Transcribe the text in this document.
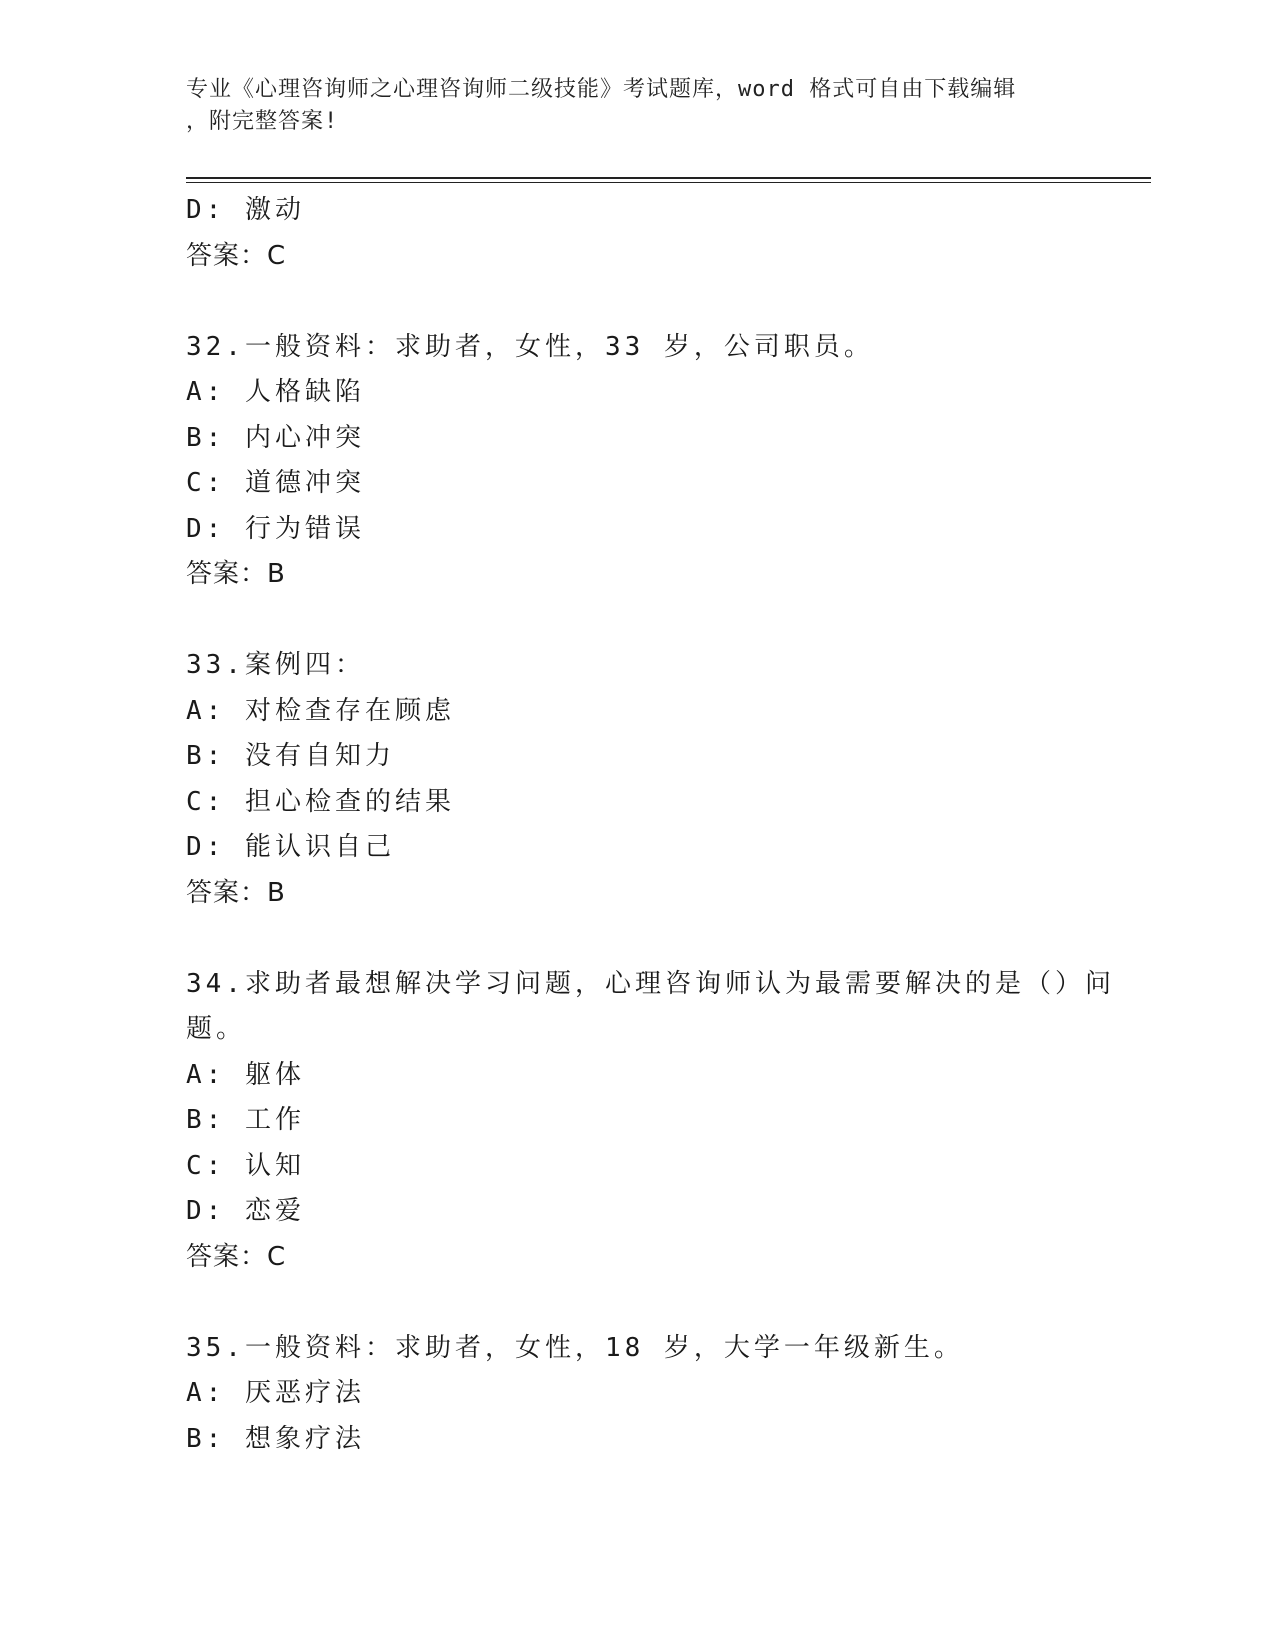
专业《心理咨询师之心理咨询师二级技能》考试题库，word 格式可自由下载编辑
，附完整答案!
D: 激动
答案：C
32.一般资料：求助者，女性，33 岁，公司职员。
A: 人格缺陷
B: 内心冲突
C: 道德冲突
D: 行为错误
答案：B
33.案例四：
A: 对检查存在顾虑
B: 没有自知力
C: 担心检查的结果
D: 能认识自己
答案：B
34.求助者最想解决学习问题，心理咨询师认为最需要解决的是（）问
题。
A: 躯体
B: 工作
C: 认知
D: 恋爱
答案：C
35.一般资料：求助者，女性，18 岁，大学一年级新生。
A: 厌恶疗法
B: 想象疗法
